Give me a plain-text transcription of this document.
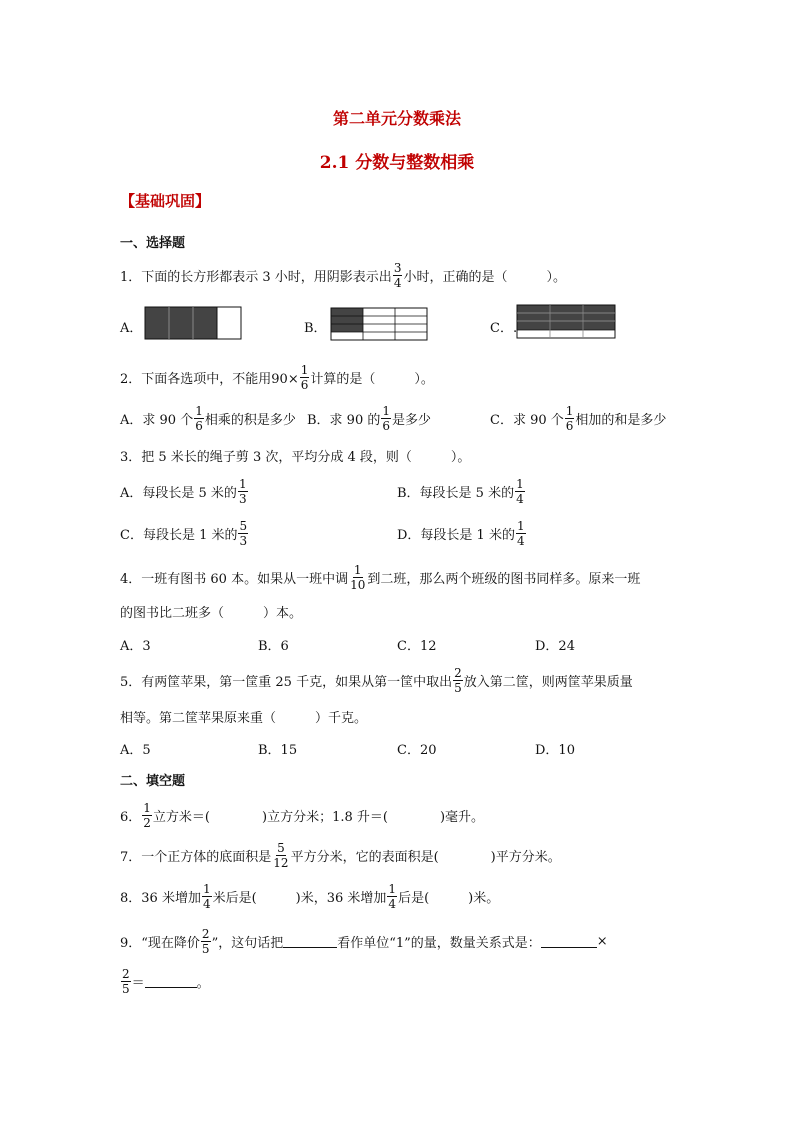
第二单元分数乘法
2.1 分数与整数相乘
【基础巩固】
一、选择题
1．下面的长方形都表示 3 小时，用阴影表示出 $\frac{3}{4}$ 小时，正确的是（　　　）。
A．	B．	C．.
2．下面各选项中，不能用$90\times \frac{1}{6}$ 计算的是（　　　）。
A．求 90 个 $\frac{1}{6}$ 相乘的积是多少 B．求 90 的 $\frac{1}{6}$ 是多少	C．求 90 个 $\frac{1}{6}$ 相加的和是多少
3．把 5 米长的绳子剪 3 次，平均分成 4 段，则（　　　）。
A．每段长是 5 米的 $\frac{1}{3}$	B．每段长是 5 米的 $\frac{1}{4}$
C．每段长是 1 米的 $\frac{5}{3}$	D．每段长是 1 米的 $\frac{1}{4}$
4．一班有图书 60 本。如果从一班中调 $\frac{1}{10}$ 到二班，那么两个班级的图书同样多。原来一班
的图书比二班多（　　　）本。
A．3	B．6	C．12	D．24
5．有两筐苹果，第一筐重 25 千克，如果从第一筐中取出 $\frac{2}{5}$ 放入第二筐，则两筐苹果质量
相等。第二筐苹果原来重（　　　）千克。
A．5	B．15	C．20	D．10
二、填空题
6． $\frac{1}{2}$ 立方米＝(　　　　)立方分米；1.8 升＝(　　　　)毫升。
7．一个正方体的底面积是 $\frac{5}{12}$ 平方分米，它的表面积是(　　　　)平方分米。
8．36 米增加 $\frac{1}{4}$ 米后是(　　　)米，36 米增加 $\frac{1}{4}$ 后是(　　　)米。
9．“现在降价 $\frac{2}{5}$ ”，这句话把	看作单位“1”的量，数量关系式是：	×
$\frac{2}{5}$ ＝	。
